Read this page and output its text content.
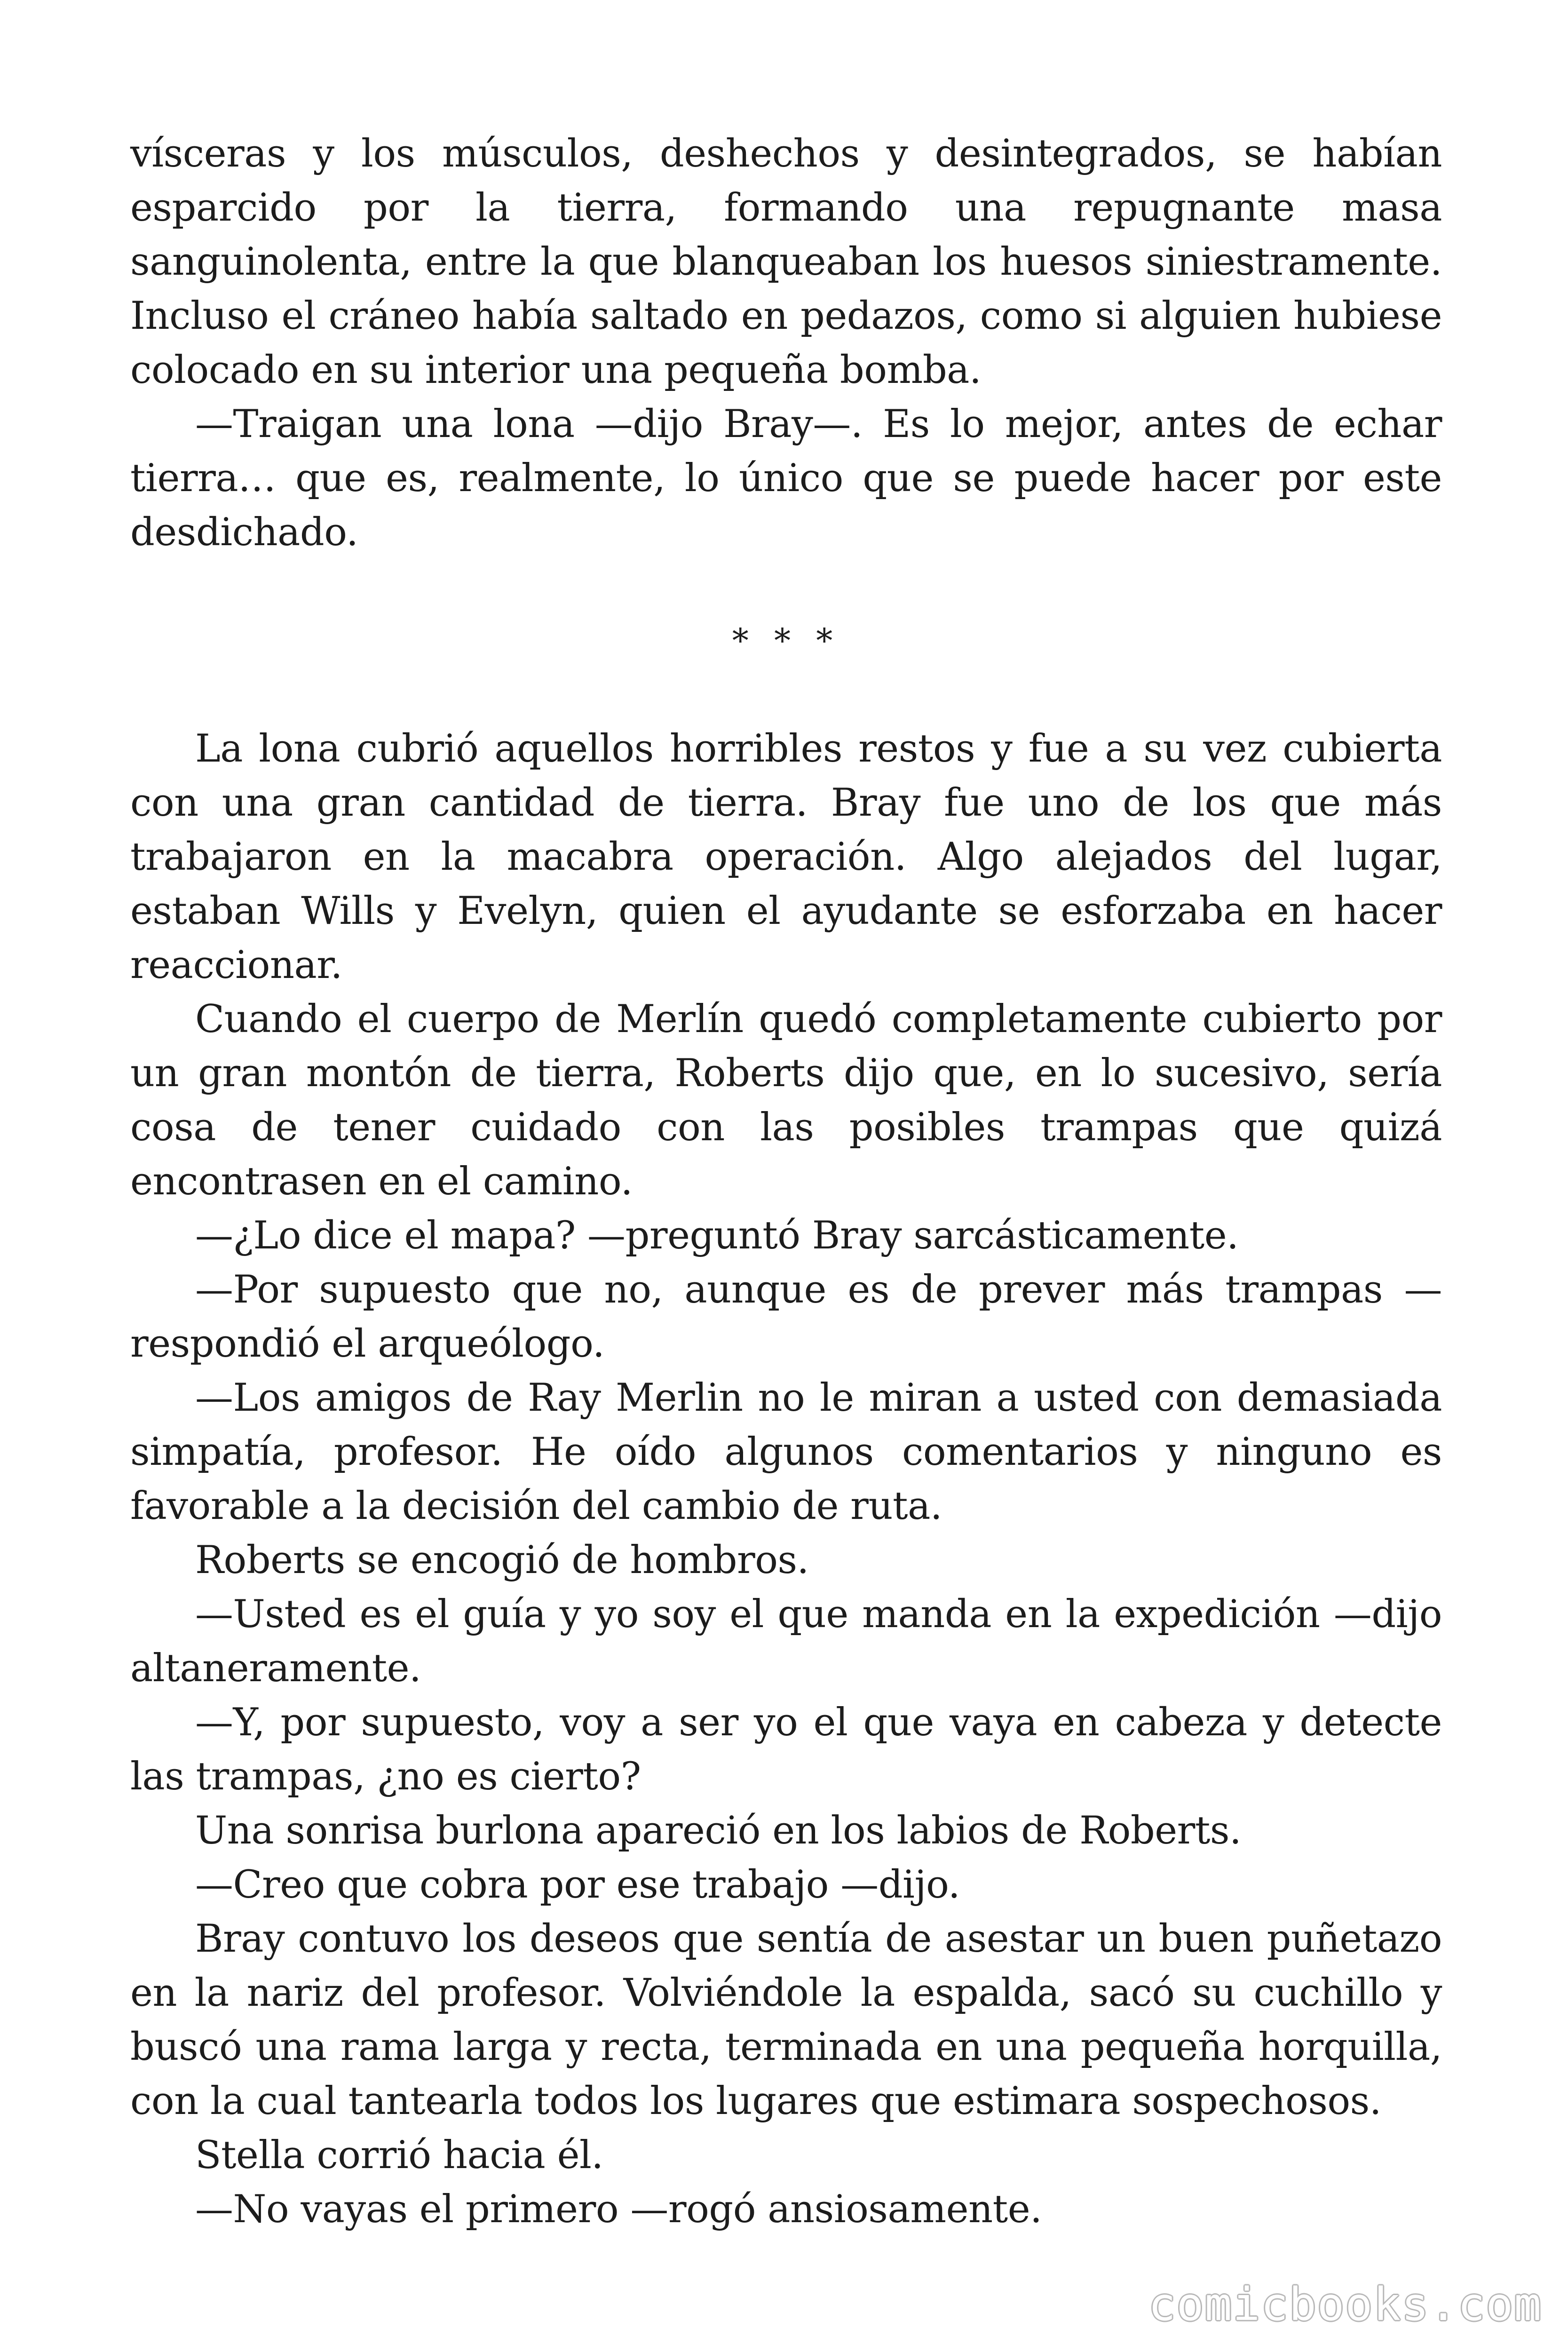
vísceras y los músculos, deshechos y desintegrados, se habían esparcido por la tierra, formando una repugnante masa sanguinolenta, entre la que blanqueaban los huesos siniestramente. Incluso el cráneo había saltado en pedazos, como si alguien hubiese colocado en su interior una pequeña bomba.

—Traigan una lona —dijo Bray—. Es lo mejor, antes de echar tierra… que es, realmente, lo único que se puede hacer por este desdichado.

* * *

La lona cubrió aquellos horribles restos y fue a su vez cubierta con una gran cantidad de tierra. Bray fue uno de los que más trabajaron en la macabra operación. Algo alejados del lugar, estaban Wills y Evelyn, quien el ayudante se esforzaba en hacer reaccionar.

Cuando el cuerpo de Merlín quedó completamente cubierto por un gran montón de tierra, Roberts dijo que, en lo sucesivo, sería cosa de tener cuidado con las posibles trampas que quizá encontrasen en el camino.

—¿Lo dice el mapa? —preguntó Bray sarcásticamente.

—Por supuesto que no, aunque es de prever más trampas — respondió el arqueólogo.

—Los amigos de Ray Merlin no le miran a usted con demasiada simpatía, profesor. He oído algunos comentarios y ninguno es favorable a la decisión del cambio de ruta.

Roberts se encogió de hombros.

—Usted es el guía y yo soy el que manda en la expedición —dijo altaneramente.

—Y, por supuesto, voy a ser yo el que vaya en cabeza y detecte las trampas, ¿no es cierto?

Una sonrisa burlona apareció en los labios de Roberts.

—Creo que cobra por ese trabajo —dijo.

Bray contuvo los deseos que sentía de asestar un buen puñetazo en la nariz del profesor. Volviéndole la espalda, sacó su cuchillo y buscó una rama larga y recta, terminada en una pequeña horquilla, con la cual tantearla todos los lugares que estimara sospechosos.

Stella corrió hacia él.

—No vayas el primero —rogó ansiosamente.

comicbooks.com
